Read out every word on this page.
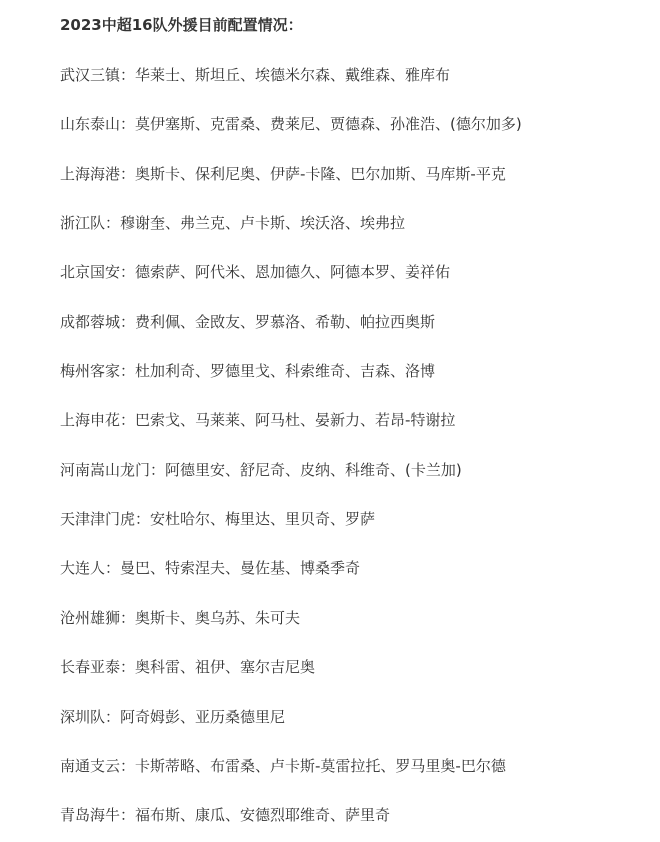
2023中超16队外援目前配置情况：
武汉三镇：华莱士、斯坦丘、埃德米尔森、戴维森、雅库布
山东泰山：莫伊塞斯、克雷桑、费莱尼、贾德森、孙准浩、(德尔加多)
上海海港：奥斯卡、保利尼奥、伊萨-卡隆、巴尔加斯、马库斯-平克
浙江队：穆谢奎、弗兰克、卢卡斯、埃沃洛、埃弗拉
北京国安：德索萨、阿代米、恩加德久、阿德本罗、姜祥佑
成都蓉城：费利佩、金敃友、罗慕洛、希勒、帕拉西奥斯
梅州客家：杜加利奇、罗德里戈、科索维奇、吉森、洛博
上海申花：巴索戈、马莱莱、阿马杜、晏新力、若昂-特谢拉
河南嵩山龙门：阿德里安、舒尼奇、皮纳、科维奇、(卡兰加)
天津津门虎：安杜哈尔、梅里达、里贝奇、罗萨
大连人：曼巴、特索涅夫、曼佐基、博桑季奇
沧州雄狮：奥斯卡、奥乌苏、朱可夫
长春亚泰：奥科雷、祖伊、塞尔吉尼奥
深圳队：阿奇姆彭、亚历桑德里尼
南通支云：卡斯蒂略、布雷桑、卢卡斯-莫雷拉托、罗马里奥-巴尔德
青岛海牛：福布斯、康瓜、安德烈耶维奇、萨里奇
